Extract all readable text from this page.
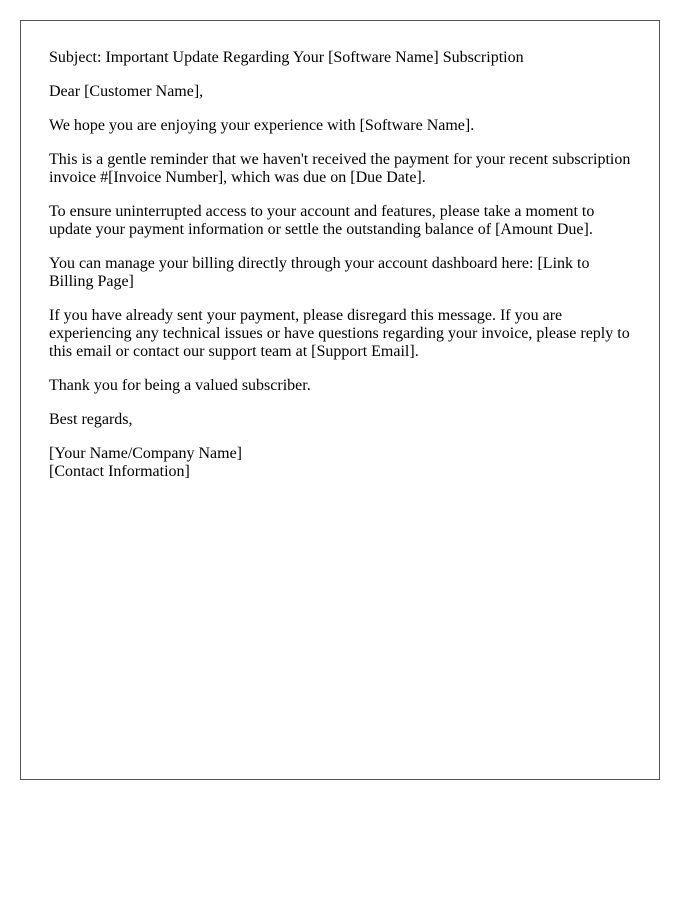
Subject: Important Update Regarding Your [Software Name] Subscription

Dear [Customer Name],

We hope you are enjoying your experience with [Software Name].

This is a gentle reminder that we haven't received the payment for your recent subscription
invoice #[Invoice Number], which was due on [Due Date].

To ensure uninterrupted access to your account and features, please take a moment to
update your payment information or settle the outstanding balance of [Amount Due].

You can manage your billing directly through your account dashboard here: [Link to
Billing Page]

If you have already sent your payment, please disregard this message. If you are
experiencing any technical issues or have questions regarding your invoice, please reply to
this email or contact our support team at [Support Email].

Thank you for being a valued subscriber.

Best regards,

[Your Name/Company Name]
[Contact Information]
